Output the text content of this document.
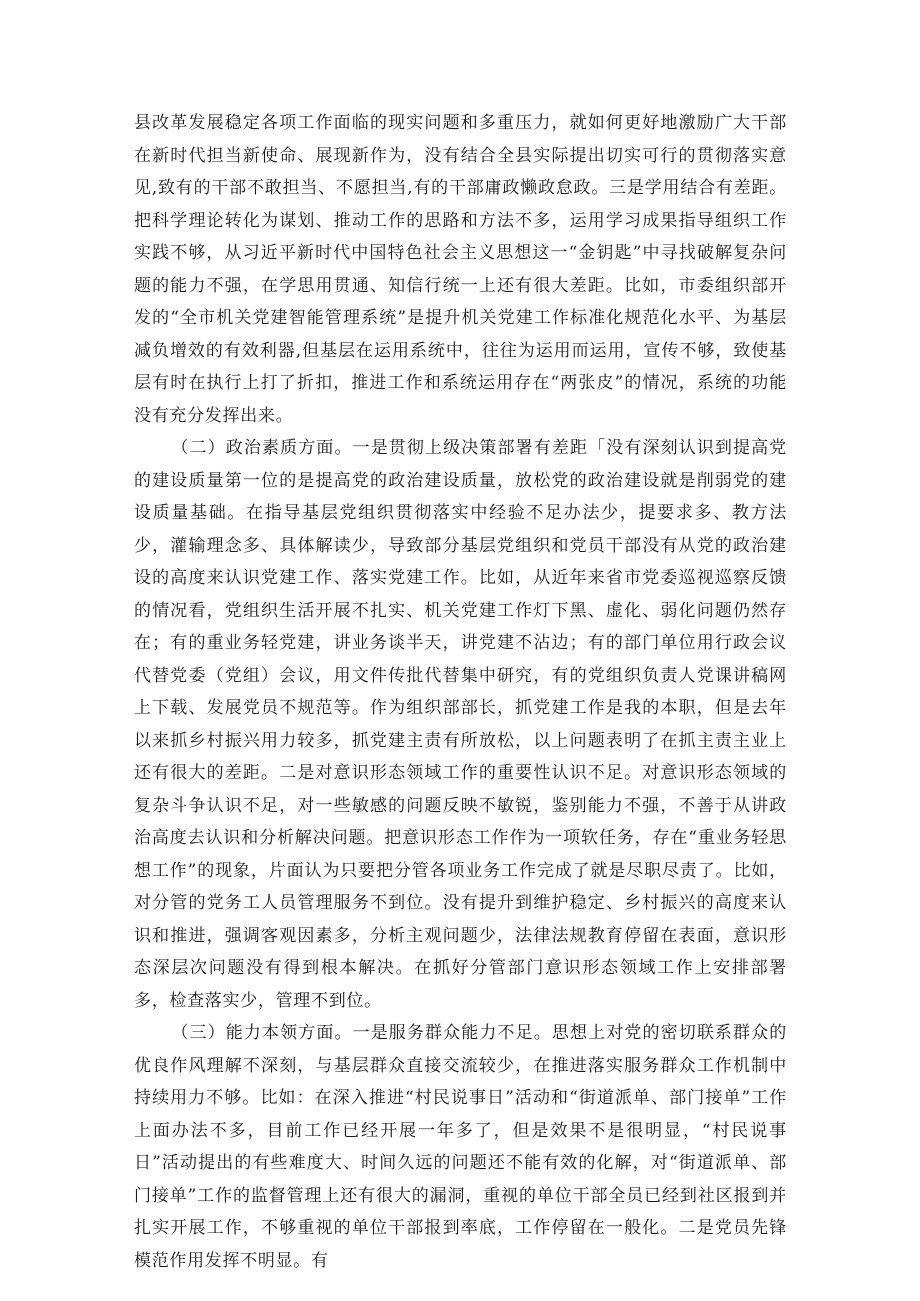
县改革发展稳定各项工作面临的现实问题和多重压力，就如何更好地激励广大干部在新时代担当新使命、展现新作为，没有结合全县实际提出切实可行的贯彻落实意见,致有的干部不敢担当、不愿担当,有的干部庸政懒政怠政。三是学用结合有差距。把科学理论转化为谋划、推动工作的思路和方法不多，运用学习成果指导组织工作实践不够，从习近平新时代中国特色社会主义思想这一“金钥匙”中寻找破解复杂问题的能力不强，在学思用贯通、知信行统一上还有很大差距。比如，市委组织部开发的“全市机关党建智能管理系统”是提升机关党建工作标准化规范化水平、为基层减负增效的有效利器,但基层在运用系统中，往往为运用而运用，宣传不够，致使基层有时在执行上打了折扣，推进工作和系统运用存在“两张皮”的情况，系统的功能没有充分发挥出来。

（二）政治素质方面。一是贯彻上级决策部署有差距「没有深刻认识到提高党的建设质量第一位的是提高党的政治建设质量，放松党的政治建设就是削弱党的建设质量基础。在指导基层党组织贯彻落实中经验不足办法少，提要求多、教方法少，灌输理念多、具体解读少，导致部分基层党组织和党员干部没有从党的政治建设的高度来认识党建工作、落实党建工作。比如，从近年来省市党委巡视巡察反馈的情况看，党组织生活开展不扎实、机关党建工作灯下黑、虚化、弱化问题仍然存在；有的重业务轻党建，讲业务谈半天，讲党建不沾边；有的部门单位用行政会议代替党委（党组）会议，用文件传批代替集中研究，有的党组织负责人党课讲稿网上下载、发展党员不规范等。作为组织部部长，抓党建工作是我的本职，但是去年以来抓乡村振兴用力较多，抓党建主责有所放松，以上问题表明了在抓主责主业上还有很大的差距。二是对意识形态领域工作的重要性认识不足。对意识形态领域的复杂斗争认识不足，对一些敏感的问题反映不敏锐，鉴别能力不强，不善于从讲政治高度去认识和分析解决问题。把意识形态工作作为一项软任务，存在“重业务轻思想工作”的现象，片面认为只要把分管各项业务工作完成了就是尽职尽责了。比如，对分管的党务工人员管理服务不到位。没有提升到维护稳定、乡村振兴的高度来认识和推进，强调客观因素多，分析主观问题少，法律法规教育停留在表面，意识形态深层次问题没有得到根本解决。在抓好分管部门意识形态领域工作上安排部署多，检查落实少，管理不到位。

（三）能力本领方面。一是服务群众能力不足。思想上对党的密切联系群众的优良作风理解不深刻，与基层群众直接交流较少，在推进落实服务群众工作机制中持续用力不够。比如：在深入推进“村民说事日”活动和“街道派单、部门接单”工作上面办法不多，目前工作已经开展一年多了，但是效果不是很明显，“村民说事日”活动提出的有些难度大、时间久远的问题还不能有效的化解，对“街道派单、部门接单”工作的监督管理上还有很大的漏洞，重视的单位干部全员已经到社区报到并扎实开展工作，不够重视的单位干部报到率底，工作停留在一般化。二是党员先锋模范作用发挥不明显。有
